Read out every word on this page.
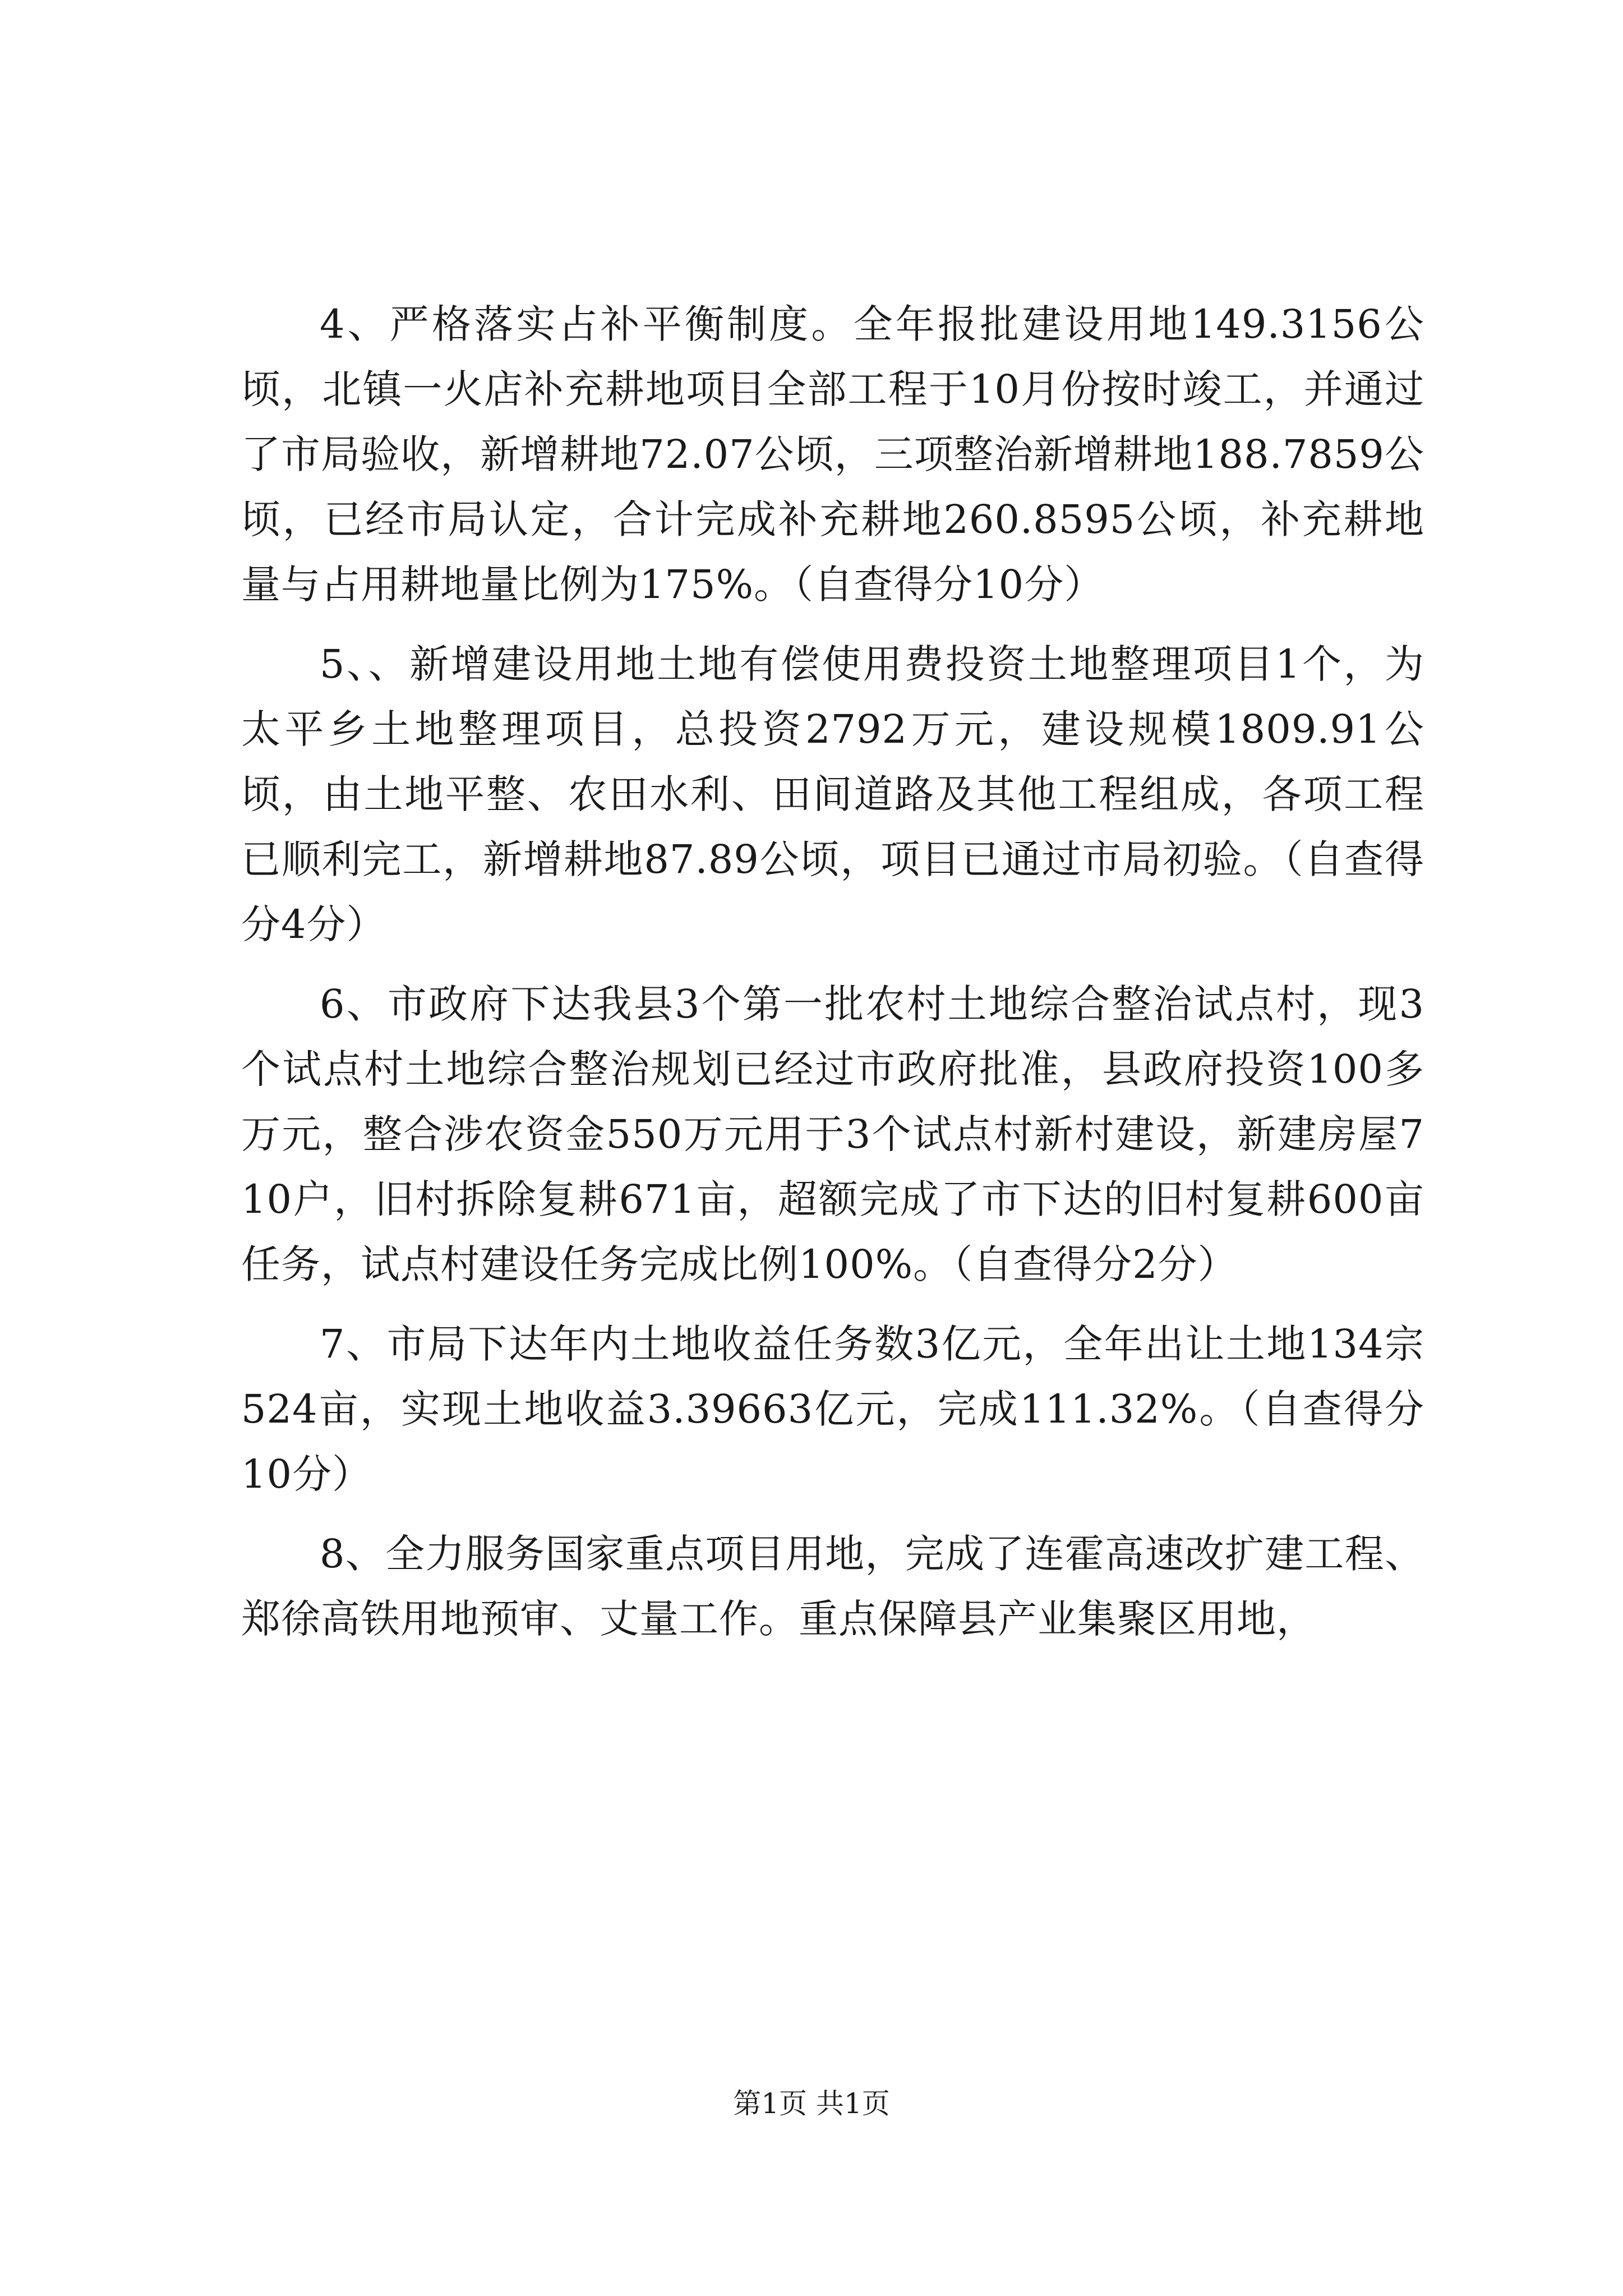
4、严格落实占补平衡制度。全年报批建设用地149.3156公顷，北镇一火店补充耕地项目全部工程于10月份按时竣工，并通过了市局验收，新增耕地72.07公顷，三项整治新增耕地188.7859公顷，已经市局认定，合计完成补充耕地260.8595公顷，补充耕地量与占用耕地量比例为175%。（自查得分10分）

5、、新增建设用地土地有偿使用费投资土地整理项目1个，为太平乡土地整理项目，总投资2792万元，建设规模1809.91公顷，由土地平整、农田水利、田间道路及其他工程组成，各项工程已顺利完工，新增耕地87.89公顷，项目已通过市局初验。（自查得分4分）

6、市政府下达我县3个第一批农村土地综合整治试点村，现3个试点村土地综合整治规划已经过市政府批准，县政府投资100多万元，整合涉农资金550万元用于3个试点村新村建设，新建房屋710户，旧村拆除复耕671亩，超额完成了市下达的旧村复耕600亩任务，试点村建设任务完成比例100%。（自查得分2分）

7、市局下达年内土地收益任务数3亿元，全年出让土地134宗524亩，实现土地收益3.39663亿元，完成111.32%。（自查得分10分）

8、全力服务国家重点项目用地，完成了连霍高速改扩建工程、郑徐高铁用地预审、丈量工作。重点保障县产业集聚区用地，

第1页 共1页
